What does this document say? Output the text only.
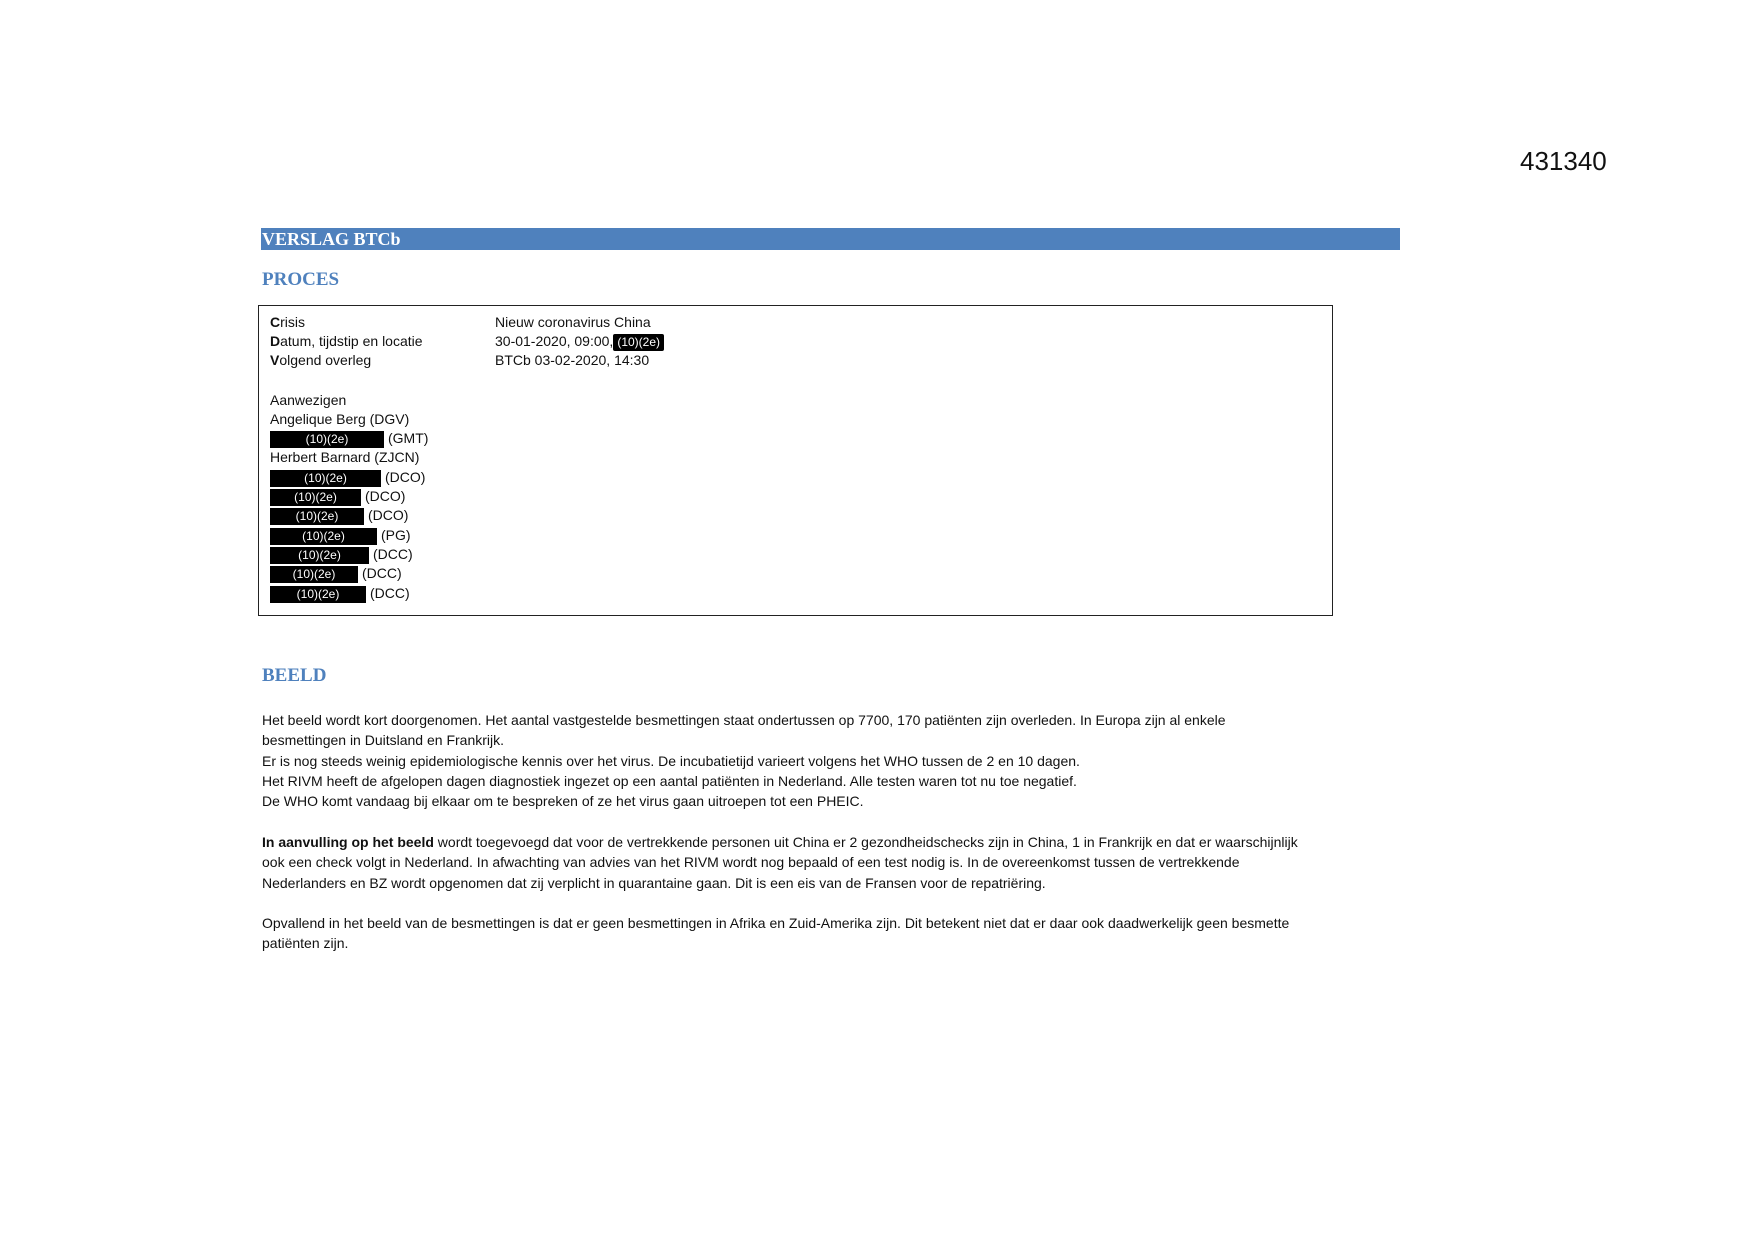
431340
VERSLAG BTCb
PROCES
Crisis	Nieuw coronavirus China
Datum, tijdstip en locatie	30-01-2020, 09:00, (10)(2e)
Volgend overleg	BTCb 03-02-2020, 14:30
Aanwezigen
Angelique Berg (DGV)
(10)(2e)	(GMT)
Herbert Barnard (ZJCN)
(10)(2e)	(DCO)
(10)(2e) (DCO)
(10)(2e) (DCO)
(10)(2e)	(PG)
(10)(2e) (DCC)
(10)(2e) (DCC)
(10)(2e) (DCC)
BEELD

Het beeld wordt kort doorgenomen. Het aantal vastgestelde besmettingen staat ondertussen op 7700, 170 patiënten zijn overleden. In Europa zijn al enkele

besmettingen in Duitsland en Frankrijk.

Er is nog steeds weinig epidemiologische kennis over het virus. De incubatietijd varieert volgens het WHO tussen de 2 en 10 dagen.

Het RIVM heeft de afgelopen dagen diagnostiek ingezet op een aantal patiënten in Nederland. Alle testen waren tot nu toe negatief.

De WHO komt vandaag bij elkaar om te bespreken of ze het virus gaan uitroepen tot een PHEIC.

In aanvulling op het beeld wordt toegevoegd dat voor de vertrekkende personen uit China er 2 gezondheidschecks zijn in China, 1 in Frankrijk en dat er waarschijnlijk

ook een check volgt in Nederland. In afwachting van advies van het RIVM wordt nog bepaald of een test nodig is. In de overeenkomst tussen de vertrekkende

Nederlanders en BZ wordt opgenomen dat zij verplicht in quarantaine gaan. Dit is een eis van de Fransen voor de repatriëring.

Opvallend in het beeld van de besmettingen is dat er geen besmettingen in Afrika en Zuid-Amerika zijn. Dit betekent niet dat er daar ook daadwerkelijk geen besmette

patiënten zijn.
